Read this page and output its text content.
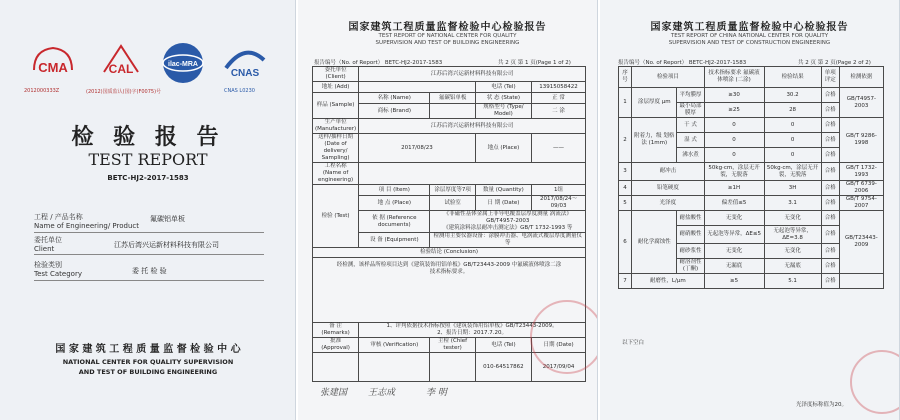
CMA
2012000333Z
CAL
(2012)国质监认(国)字(F0075)号
ilac-MRA
CNAS
CNAS L0230
检 验 报 告
TEST REPORT
BETC-HJ2-2017-1583
工程 / 产品名称
Name of Engineering/ Product
氟碳铝单板
委托单位
Client	江苏后湾兴运新材料科技有限公司
检验类别
Test Category	委 托 检 验
国 家 建 筑 工 程 质 量 监 督 检 验 中 心
NATIONAL CENTER FOR QUALITY SUPERVISION
AND TEST OF BUILDING ENGINEERING
国家建筑工程质量监督检验中心检验报告
TEST REPORT OF NATIONAL CENTER FOR QUALITY
SUPERVISION AND TEST OF BUILDING ENGINEERING
报告编号（No. of Report） BETC-HJ2-2017-1583	共 2 页 第 1 页(Page 1 of 2)
委托单位 (Client)	江苏后湾兴运新材料科技有限公司			
地址 (Add)			电话 (Tel)	13915058422
样品 (Sample)	名称 (Name)	氟碳铝单板	状 态 (State)	正 常
	商标 (Brand)		规格型号 (Type/ Model)	二 涂
生产单位 (Manufacturer)	江苏后湾兴运新材料科技有限公司			
送样/抽样日期 (Date of delivery/ Sampling)	2017/08/23		地点 (Place)	——
工程名称 (Name of engineering)				
检验 (Test)	项 目 (Item)	涂层厚度等7项	数量 (Quantity)	1组
	地 点 (Place)	试验室	日 期 (Date)	2017/08/24～09/03
	依 据 (Reference documents)	《非磁性基体金属上非导电覆盖层厚度测量 涡流法》GB/T4957-2003
《建筑涂料涂层耐冲击测定法》GB/T 1732-1993 等		
	设 备 (Equipment)	检测用主要仪器设备：涂膜冲击器、电涡流式覆层厚度测量仪等		
检验结论 (Conclusion)				
经检测，该样品所检项目达到《建筑装饰用铝单板》GB/T23443-2009 中氟碳液体喷涂二涂
技术指标要求。				
备 注 (Remarks)	1、评判依据技术指标按照《建筑装饰用铝单板》GB/T23443-2009。
2、报告日期：2017.7.20。			
批准 (Approval)	审核 (Verification)	主检 (Chief tester)	电话 (Tel)	日期 (Date)
			010-64517862	2017/09/04
张建国 王志成	李 明
国家建筑工程质量监督检验中心检验报告
TEST REPORT OF CHINA NATIONAL CENTER FOR QUALITY
SUPERVISION AND TEST OF CONSTRUCTION ENGINEERING
报告编号（No. of Report） BETC-HJ2-2017-1583	共 2 页 第 2 页(Page 2 of 2)
序号	检验项目		技术指标要求 氟碳液体喷涂 (二涂)	检验结果	单项评定	检测依据
1	涂层厚度 μm	平均膜厚	≥30	30.2	合格	GB/T4957-2003
		最小局部膜厚	≥25	28	合格	
2	附着力，级 划格法 (1mm)	干 式	0	0	合格	GB/T 9286-1998
		湿 式	0	0	合格	
		沸水煮	0	0	合格	
3	耐冲击		50kg·cm，涂层无开裂，无脱落	50kg·cm，涂层无开裂，无脱落	合格	GB/T 1732-1993
4	铅笔硬度		≥1H	3H	合格	GB/T 6739-2006
5	光泽度		偏差值≤5	3.1	合格	GB/T 9754-2007
6	耐化学腐蚀性	耐盐酸性	无变化	无变化	合格	GB/T23443-2009
		耐硝酸性	无起泡等异常，ΔE≤5	无起泡等异常，ΔE=3.8	合格	
		耐砂浆性	无变化	无变化	合格	
		耐溶剂性 (丁酮)	无漏底	无漏底	合格	
7	耐磨性，L/μm		≥5	5.1	合格	
以下空白
光泽度标称值为20。
